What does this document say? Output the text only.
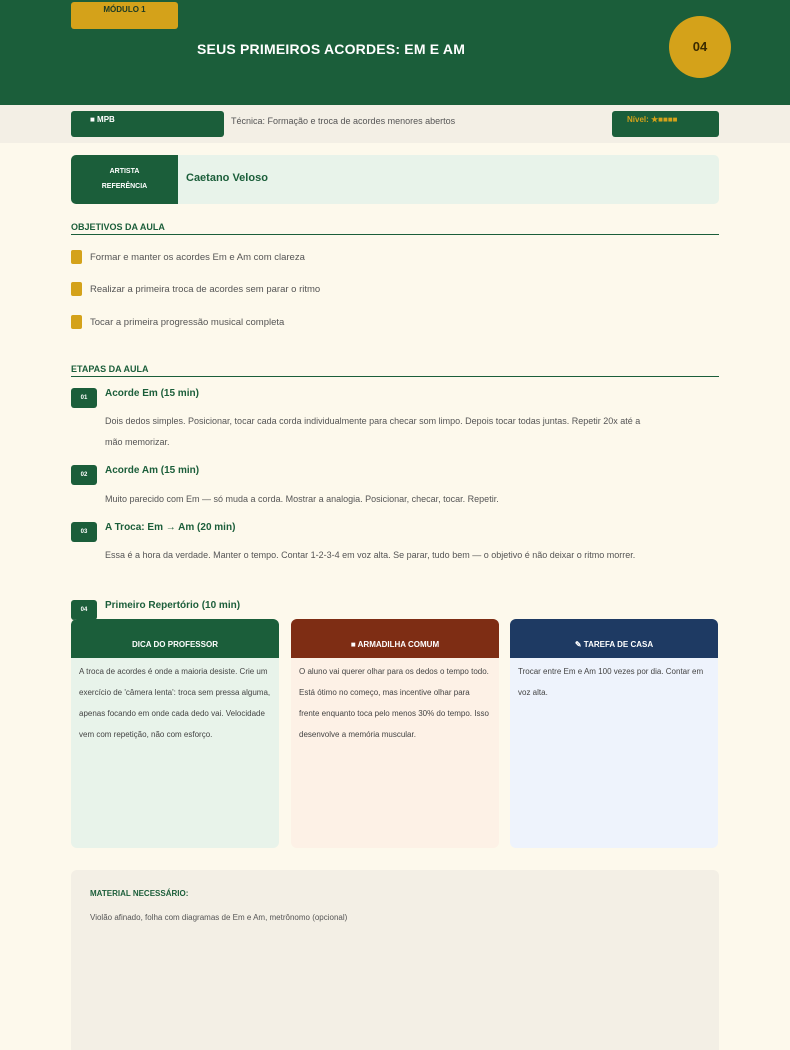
MÓDULO 1
SEUS PRIMEIROS ACORDES: EM E AM	04
■ MPB	Técnica: Formação e troca de acordes menores abertos	Nível: ★■■■■
ARTISTA
REFERÊNCIA
Caetano Veloso
OBJETIVOS DA AULA
Formar e manter os acordes Em e Am com clareza
Realizar a primeira troca de acordes sem parar o ritmo
Tocar a primeira progressão musical completa
ETAPAS DA AULA
01	Acorde Em (15 min)
Dois dedos simples. Posicionar, tocar cada corda individualmente para checar som limpo. Depois tocar todas juntas. Repetir 20x até a mão memorizar.
02	Acorde Am (15 min)
Muito parecido com Em — só muda a corda. Mostrar a analogia. Posicionar, checar, tocar. Repetir.
03	A Troca: Em → Am (20 min)
Essa é a hora da verdade. Manter o tempo. Contar 1-2-3-4 em voz alta. Se parar, tudo bem — o objetivo é não deixar o ritmo morrer.
04	Primeiro Repertório (10 min)
DICA DO PROFESSOR
A troca de acordes é onde a maioria desiste. Crie um exercício de 'câmera lenta': troca sem pressa alguma, apenas focando em onde cada dedo vai. Velocidade vem com repetição, não com esforço.
■ ARMADILHA COMUM
O aluno vai querer olhar para os dedos o tempo todo. Está ótimo no começo, mas incentive olhar para frente enquanto toca pelo menos 30% do tempo. Isso desenvolve a memória muscular.
✎ TAREFA DE CASA
Trocar entre Em e Am 100 vezes por dia. Contar em voz alta.
MATERIAL NECESSÁRIO:
Violão afinado, folha com diagramas de Em e Am, metrônomo (opcional)
